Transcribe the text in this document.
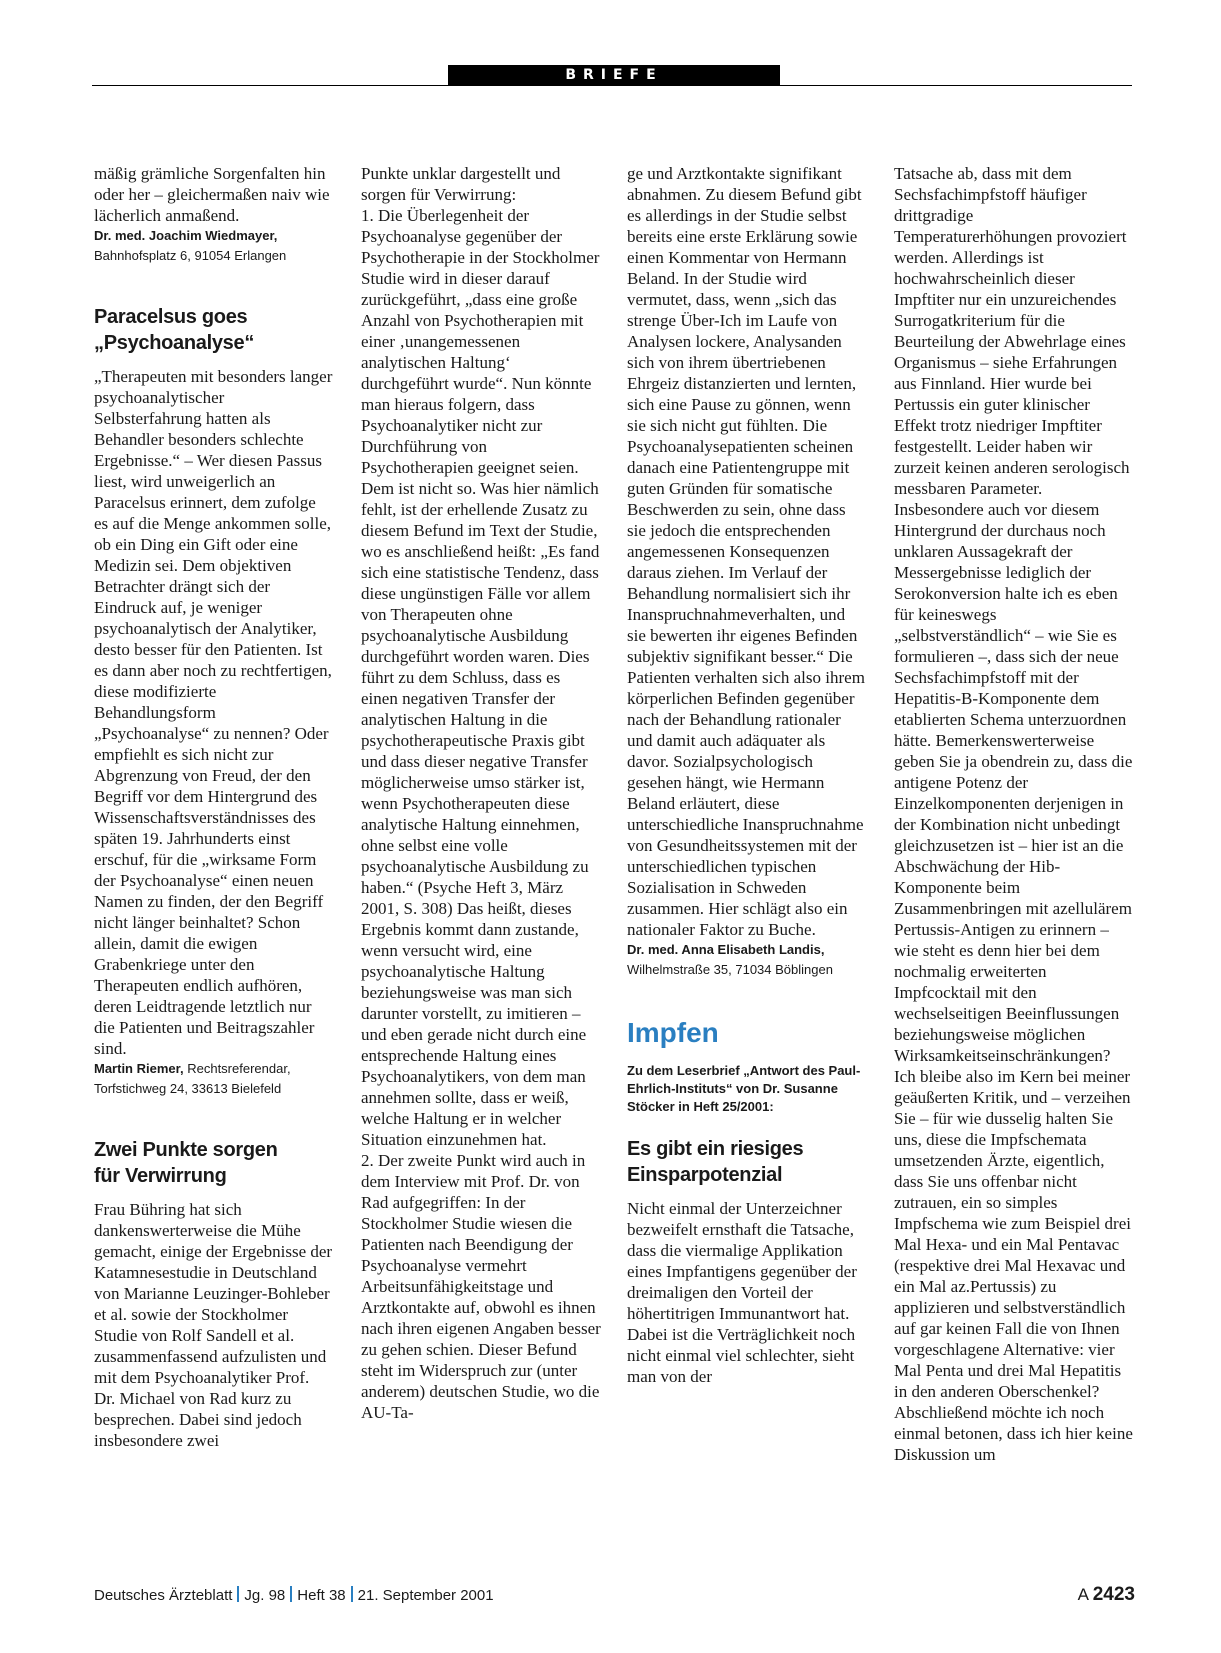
BRIEFE

mäßig grämliche Sorgenfalten hin oder her – gleichermaßen naiv wie lächerlich anmaßend.

Dr. med. Joachim Wiedmayer,

Bahnhofsplatz 6, 91054 Erlangen

Paracelsus goes
„Psychoanalyse“

„Therapeuten mit besonders langer psychoanalytischer Selbsterfahrung hatten als Behandler besonders schlechte Ergebnisse.“ – Wer diesen Passus liest, wird unweigerlich an Paracelsus erinnert, dem zufolge es auf die Menge ankommen solle, ob ein Ding ein Gift oder eine Medizin sei. Dem objektiven Betrachter drängt sich der Eindruck auf, je weniger psychoanalytisch der Analytiker, desto besser für den Patienten. Ist es dann aber noch zu rechtfertigen, diese modifizierte Behandlungsform „Psychoanalyse“ zu nennen? Oder empfiehlt es sich nicht zur Abgrenzung von Freud, der den Begriff vor dem Hintergrund des Wissenschaftsverständnisses des späten 19. Jahrhunderts einst erschuf, für die „wirksame Form der Psychoanalyse“ einen neuen Namen zu finden, der den Begriff nicht länger beinhaltet? Schon allein, damit die ewigen Grabenkriege unter den Therapeuten endlich aufhören, deren Leidtragende letztlich nur die Patienten und Beitragszahler sind.

Martin Riemer, Rechtsreferendar,

Torfstichweg 24, 33613 Bielefeld

Zwei Punkte sorgen
für Verwirrung

Frau Bühring hat sich dankenswerterweise die Mühe gemacht, einige der Ergebnisse der Katamnesestudie in Deutschland von Marianne Leuzinger-Bohleber et al. sowie der Stockholmer Studie von Rolf Sandell et al. zusammenfassend aufzulisten und mit dem Psychoanalytiker Prof. Dr. Michael von Rad kurz zu besprechen. Dabei sind jedoch insbesondere zwei

Punkte unklar dargestellt und sorgen für Verwirrung:

1. Die Überlegenheit der Psychoanalyse gegenüber der Psychotherapie in der Stockholmer Studie wird in dieser darauf zurückgeführt, „dass eine große Anzahl von Psychotherapien mit einer ‚unangemessenen analytischen Haltung‘ durchgeführt wurde“. Nun könnte man hieraus folgern, dass Psychoanalytiker nicht zur Durchführung von Psychotherapien geeignet seien. Dem ist nicht so. Was hier nämlich fehlt, ist der erhellende Zusatz zu diesem Befund im Text der Studie, wo es anschließend heißt: „Es fand sich eine statistische Tendenz, dass diese ungünstigen Fälle vor allem von Therapeuten ohne psychoanalytische Ausbildung durchgeführt worden waren. Dies führt zu dem Schluss, dass es einen negativen Transfer der analytischen Haltung in die psychotherapeutische Praxis gibt und dass dieser negative Transfer möglicherweise umso stärker ist, wenn Psychotherapeuten diese analytische Haltung einnehmen, ohne selbst eine volle psychoanalytische Ausbildung zu haben.“ (Psyche Heft 3, März 2001, S. 308) Das heißt, dieses Ergebnis kommt dann zustande, wenn versucht wird, eine psychoanalytische Haltung beziehungsweise was man sich darunter vorstellt, zu imitieren – und eben gerade nicht durch eine entsprechende Haltung eines Psychoanalytikers, von dem man annehmen sollte, dass er weiß, welche Haltung er in welcher Situation einzunehmen hat.

2. Der zweite Punkt wird auch in dem Interview mit Prof. Dr. von Rad aufgegriffen: In der Stockholmer Studie wiesen die Patienten nach Beendigung der Psychoanalyse vermehrt Arbeitsunfähigkeitstage und Arztkontakte auf, obwohl es ihnen nach ihren eigenen Angaben besser zu gehen schien. Dieser Befund steht im Widerspruch zur (unter anderem) deutschen Studie, wo die AU-Ta-

ge und Arztkontakte signifikant abnahmen. Zu diesem Befund gibt es allerdings in der Studie selbst bereits eine erste Erklärung sowie einen Kommentar von Hermann Beland. In der Studie wird vermutet, dass, wenn „sich das strenge Über-Ich im Laufe von Analysen lockere, Analysanden sich von ihrem übertriebenen Ehrgeiz distanzierten und lernten, sich eine Pause zu gönnen, wenn sie sich nicht gut fühlten. Die Psychoanalysepatienten scheinen danach eine Patientengruppe mit guten Gründen für somatische Beschwerden zu sein, ohne dass sie jedoch die entsprechenden angemessenen Konsequenzen daraus ziehen. Im Verlauf der Behandlung normalisiert sich ihr Inanspruchnahmeverhalten, und sie bewerten ihr eigenes Befinden subjektiv signifikant besser.“ Die Patienten verhalten sich also ihrem körperlichen Befinden gegenüber nach der Behandlung rationaler und damit auch adäquater als davor. Sozialpsychologisch gesehen hängt, wie Hermann Beland erläutert, diese unterschiedliche Inanspruchnahme von Gesundheitssystemen mit der unterschiedlichen typischen Sozialisation in Schweden zusammen. Hier schlägt also ein nationaler Faktor zu Buche.

Dr. med. Anna Elisabeth Landis,

Wilhelmstraße 35, 71034 Böblingen

Impfen

Zu dem Leserbrief „Antwort des Paul-Ehrlich-Instituts“ von Dr. Susanne Stöcker in Heft 25/2001:

Es gibt ein riesiges
Einsparpotenzial

Nicht einmal der Unterzeichner bezweifelt ernsthaft die Tatsache, dass die viermalige Applikation eines Impfantigens gegenüber der dreimaligen den Vorteil der höhertitrigen Immunantwort hat. Dabei ist die Verträglichkeit noch nicht einmal viel schlechter, sieht man von der

Tatsache ab, dass mit dem Sechsfachimpfstoff häufiger drittgradige Temperaturerhöhungen provoziert werden. Allerdings ist hochwahrscheinlich dieser Impftiter nur ein unzureichendes Surrogatkriterium für die Beurteilung der Abwehrlage eines Organismus – siehe Erfahrungen aus Finnland. Hier wurde bei Pertussis ein guter klinischer Effekt trotz niedriger Impftiter festgestellt. Leider haben wir zurzeit keinen anderen serologisch messbaren Parameter. Insbesondere auch vor diesem Hintergrund der durchaus noch unklaren Aussagekraft der Messergebnisse lediglich der Serokonversion halte ich es eben für keineswegs „selbstverständlich“ – wie Sie es formulieren –, dass sich der neue Sechsfachimpfstoff mit der Hepatitis-B-Komponente dem etablierten Schema unterzuordnen hätte. Bemerkenswerterweise geben Sie ja obendrein zu, dass die antigene Potenz der Einzelkomponenten derjenigen in der Kombination nicht unbedingt gleichzusetzen ist – hier ist an die Abschwächung der Hib-Komponente beim Zusammenbringen mit azellulärem Pertussis-Antigen zu erinnern – wie steht es denn hier bei dem nochmalig erweiterten Impfcocktail mit den wechselseitigen Beeinflussungen beziehungsweise möglichen Wirksamkeitseinschränkungen?

Ich bleibe also im Kern bei meiner geäußerten Kritik, und – verzeihen Sie – für wie dusselig halten Sie uns, diese die Impfschemata umsetzenden Ärzte, eigentlich, dass Sie uns offenbar nicht zutrauen, ein so simples Impfschema wie zum Beispiel drei Mal Hexa- und ein Mal Pentavac (respektive drei Mal Hexavac und ein Mal az.Pertussis) zu applizieren und selbstverständlich auf gar keinen Fall die von Ihnen vorgeschlagene Alternative: vier Mal Penta und drei Mal Hepatitis in den anderen Oberschenkel?

Abschließend möchte ich noch einmal betonen, dass ich hier keine Diskussion um

Deutsches Ärzteblatt Jg. 98 Heft 38 21. September 2001	A 2423
